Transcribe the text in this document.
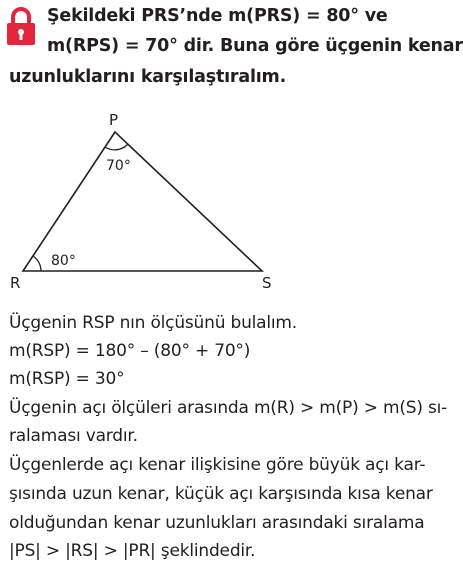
Şekildeki PRS’nde m(PRS) = 80° ve
m(RPS) = 70° dir. Buna göre üçgenin kenar
uzunluklarını karşılaştıralım.
P
R	S
70°
80°
Üçgenin RSP nın ölçüsünü bulalım.
m(RSP) = 180° – (80° + 70°)
m(RSP) = 30°
Üçgenin açı ölçüleri arasında m(R) > m(P) > m(S) sı-
ralaması vardır.
Üçgenlerde açı kenar ilişkisine göre büyük açı kar-
şısında uzun kenar, küçük açı karşısında kısa kenar
olduğundan kenar uzunlukları arasındaki sıralama
|PS| > |RS| > |PR| şeklindedir.
